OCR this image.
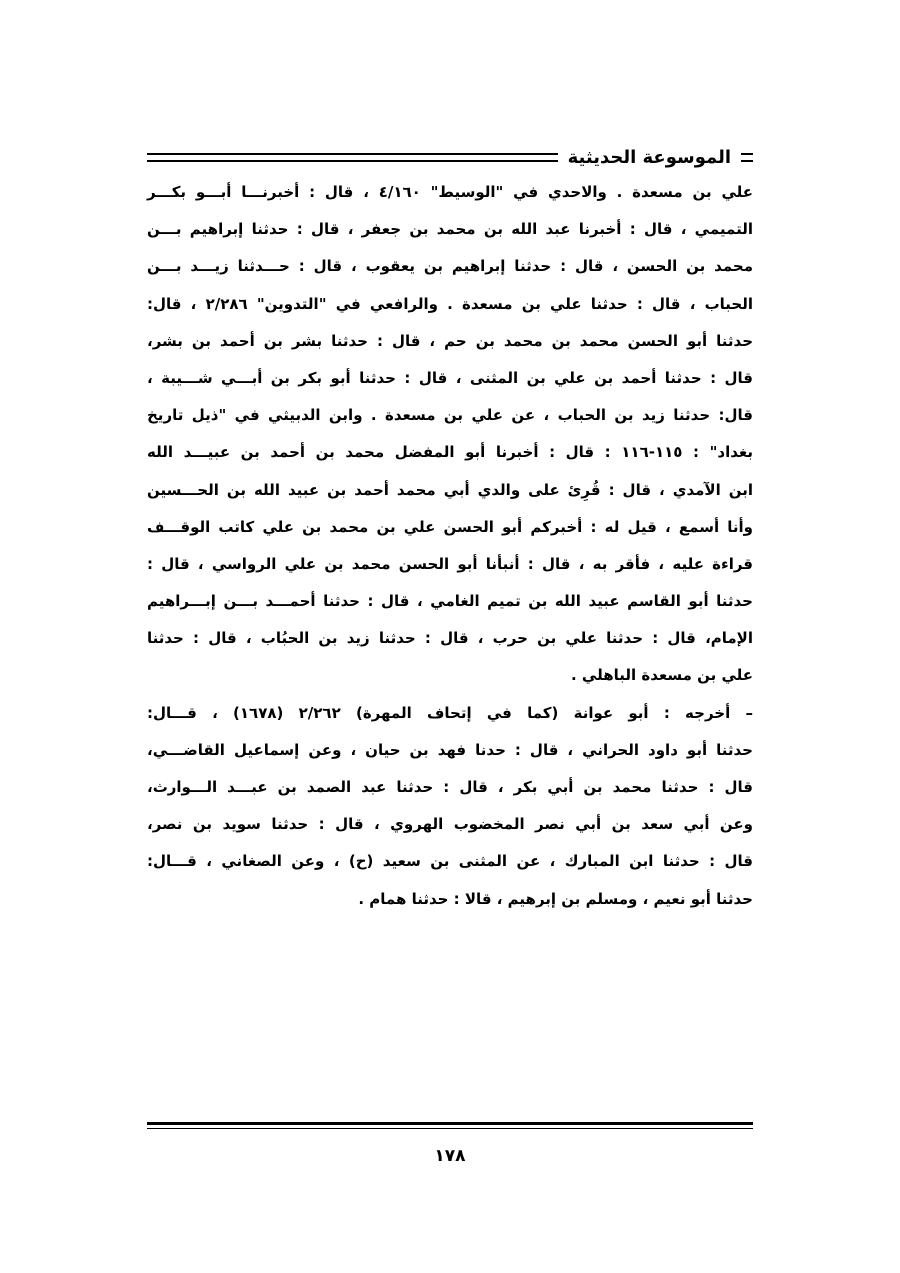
الموسوعة الحديثية
علي بن مسعدة . والاحدي في "الوسيط" ٤/١٦٠ ، قال : أخبرنـــا أبـــو بكـــر
التميمي ، قال : أخبرنا عبد الله بن محمد بن جعفر ، قال : حدثنا إبراهيم بـــن
محمد بن الحسن ، قال : حدثنا إبراهيم بن يعقوب ، قال : حـــدثنا زيـــد بـــن
الحباب ، قال : حدثنا علي بن مسعدة . والرافعي في "التدوين" ٢/٢٨٦ ، قال:
حدثنا أبو الحسن محمد بن محمد بن حم ، قال : حدثنا بشر بن أحمد بن بشر،
قال : حدثنا أحمد بن علي بن المثنى ، قال : حدثنا أبو بكر بن أبـــي شـــيبة ،
قال: حدثنا زيد بن الحباب ، عن علي بن مسعدة . وابن الدبيثي في "ذيل تاريخ
بغداد" : ١١٥-١١٦ : قال : أخبرنا أبو المفضل محمد بن أحمد بن عبيـــد الله
ابن الآمدي ، قال : قُرِئ على والدي أبي محمد أحمد بن عبيد الله بن الحـــسين
وأنا أسمع ، قيل له : أخبركم أبو الحسن علي بن محمد بن علي كاتب الوقـــف
قراءة عليه ، فأقر به ، قال : أنبأنا أبو الحسن محمد بن علي الرواسي ، قال :
حدثنا أبو القاسم عبيد الله بن تميم الغامي ، قال : حدثنا أحمـــد بـــن إبـــراهيم
الإمام، قال : حدثنا علي بن حرب ، قال : حدثنا زيد بن الحبُاب ، قال : حدثنا
علي بن مسعدة الباهلي .
– أخرجه : أبو عوانة (كما في إتحاف المهرة) ٢/٢٦٢ (١٦٧٨) ، قـــال:
حدثنا أبو داود الحراني ، قال : حدنا فهد بن حيان ، وعن إسماعيل القاضـــي،
قال : حدثنا محمد بن أبي بكر ، قال : حدثنا عبد الصمد بن عبـــد الـــوارث،
وعن أبي سعد بن أبي نصر المخضوب الهروي ، قال : حدثنا سويد بن نصر،
قال : حدثنا ابن المبارك ، عن المثنى بن سعيد (ح) ، وعن الصغاني ، قـــال:
حدثنا أبو نعيم ، ومسلم بن إبرهيم ، قالا : حدثنا همام .
١٧٨
